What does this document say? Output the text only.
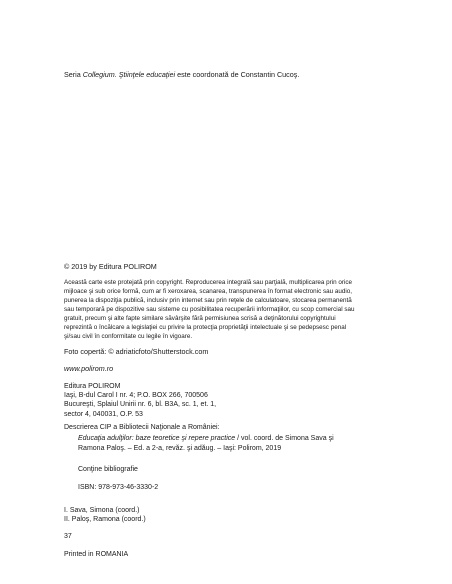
Seria Collegium. Ştiinţele educaţiei este coordonată de Constantin Cucoş.
© 2019 by Editura POLIROM
Această carte este protejată prin copyright. Reproducerea integrală sau parţială, multiplicarea prin orice
mijloace şi sub orice formă, cum ar fi xeroxarea, scanarea, transpunerea în format electronic sau audio,
punerea la dispoziţia publică, inclusiv prin internet sau prin reţele de calculatoare, stocarea permanentă
sau temporară pe dispozitive sau sisteme cu posibilitatea recuperării informaţiilor, cu scop comercial sau
gratuit, precum şi alte fapte similare săvârşite fără permisiunea scrisă a deţinătorului copyrightului
reprezintă o încălcare a legislaţiei cu privire la protecţia proprietăţii intelectuale şi se pedepsesc penal
şi/sau civil în conformitate cu legile în vigoare.
Foto copertă: © adriaticfoto/Shutterstock.com
www.polirom.ro
Editura POLIROM
Iaşi, B-dul Carol I nr. 4; P.O. BOX 266, 700506
Bucureşti, Splaiul Unirii nr. 6, bl. B3A, sc. 1, et. 1,
sector 4, 040031, O.P. 53
Descrierea CIP a Bibliotecii Naţionale a României:
Educaţia adulţilor: baze teoretice şi repere practice / vol. coord. de Simona Sava şi
Ramona Paloş. – Ed. a 2-a, revăz. şi adăug. – Iaşi: Polirom, 2019
Conţine bibliografie
ISBN: 978-973-46-3330-2
I. Sava, Simona (coord.)
II. Paloş, Ramona (coord.)
37
Printed in ROMANIA
